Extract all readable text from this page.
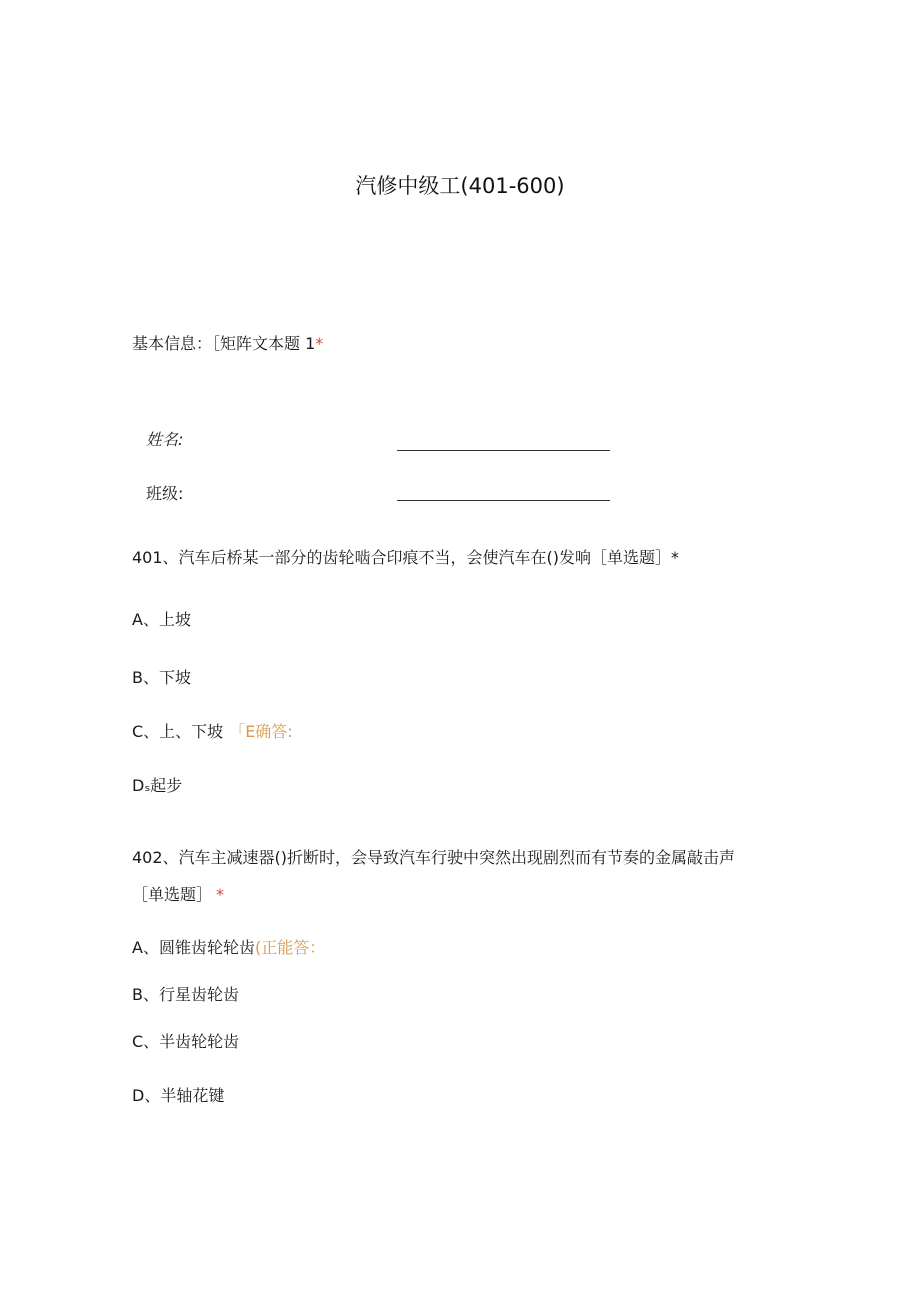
汽修中级工(401-600)
基本信息：［矩阵文本题 1*
姓名:
班级:
401、汽车后桥某一部分的齿轮啮合印痕不当，会使汽车在()发响［单选题］*
A、上坡
B、下坡
C、上、下坡 「E确答:
Dₛ起步
402、汽车主减速器()折断时，会导致汽车行驶中突然出现剧烈而有节奏的金属敲击声
［单选题］ *
A、圆锥齿轮轮齿(正能答：
B、行星齿轮齿
C、半齿轮轮齿
D、半轴花键
